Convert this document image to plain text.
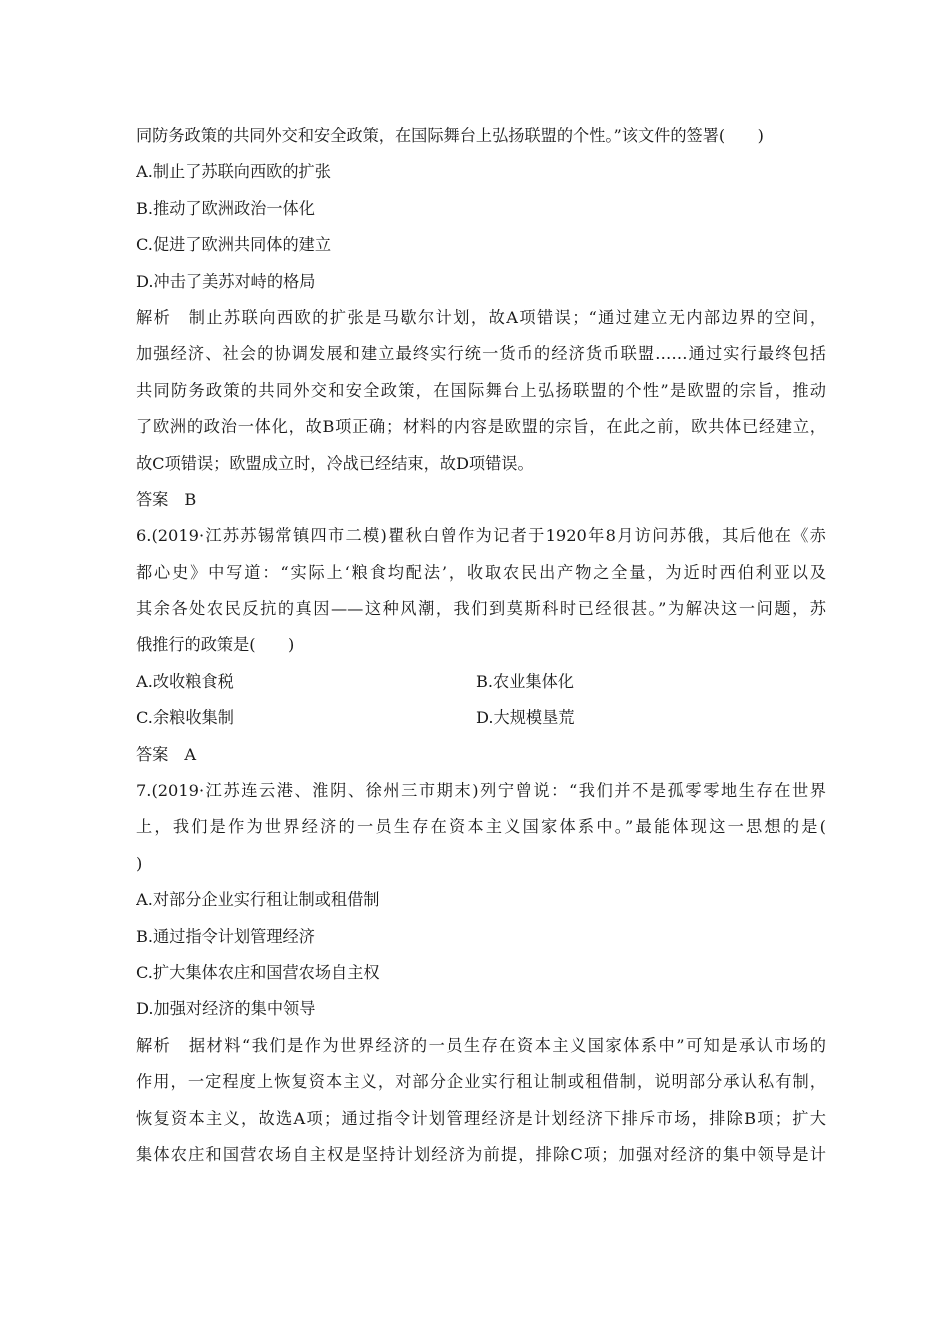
同防务政策的共同外交和安全政策，在国际舞台上弘扬联盟的个性。”该文件的签署(　　)
A.制止了苏联向西欧的扩张
B.推动了欧洲政治一体化
C.促进了欧洲共同体的建立
D.冲击了美苏对峙的格局
解析 制止苏联向西欧的扩张是马歇尔计划，故A项错误；“通过建立无内部边界的空间，
加强经济、社会的协调发展和建立最终实行统一货币的经济货币联盟……通过实行最终包括
共同防务政策的共同外交和安全政策，在国际舞台上弘扬联盟的个性”是欧盟的宗旨，推动
了欧洲的政治一体化，故B项正确；材料的内容是欧盟的宗旨，在此之前，欧共体已经建立，
故C项错误；欧盟成立时，冷战已经结束，故D项错误。
答案 B
6.(2019·江苏苏锡常镇四市二模)瞿秋白曾作为记者于1920年8月访问苏俄，其后他在《赤
都心史》中写道：“实际上‘粮食均配法’，收取农民出产物之全量，为近时西伯利亚以及
其余各处农民反抗的真因——这种风潮，我们到莫斯科时已经很甚。”为解决这一问题，苏
俄推行的政策是(　　)
A.改收粮食税	B.农业集体化
C.余粮收集制	D.大规模垦荒
答案 A
7.(2019·江苏连云港、淮阴、徐州三市期末)列宁曾说：“我们并不是孤零零地生存在世界
上，我们是作为世界经济的一员生存在资本主义国家体系中。”最能体现这一思想的是(
)
A.对部分企业实行租让制或租借制
B.通过指令计划管理经济
C.扩大集体农庄和国营农场自主权
D.加强对经济的集中领导
解析 据材料“我们是作为世界经济的一员生存在资本主义国家体系中”可知是承认市场的
作用，一定程度上恢复资本主义，对部分企业实行租让制或租借制，说明部分承认私有制，
恢复资本主义，故选A项；通过指令计划管理经济是计划经济下排斥市场，排除B项；扩大
集体农庄和国营农场自主权是坚持计划经济为前提，排除C项；加强对经济的集中领导是计
